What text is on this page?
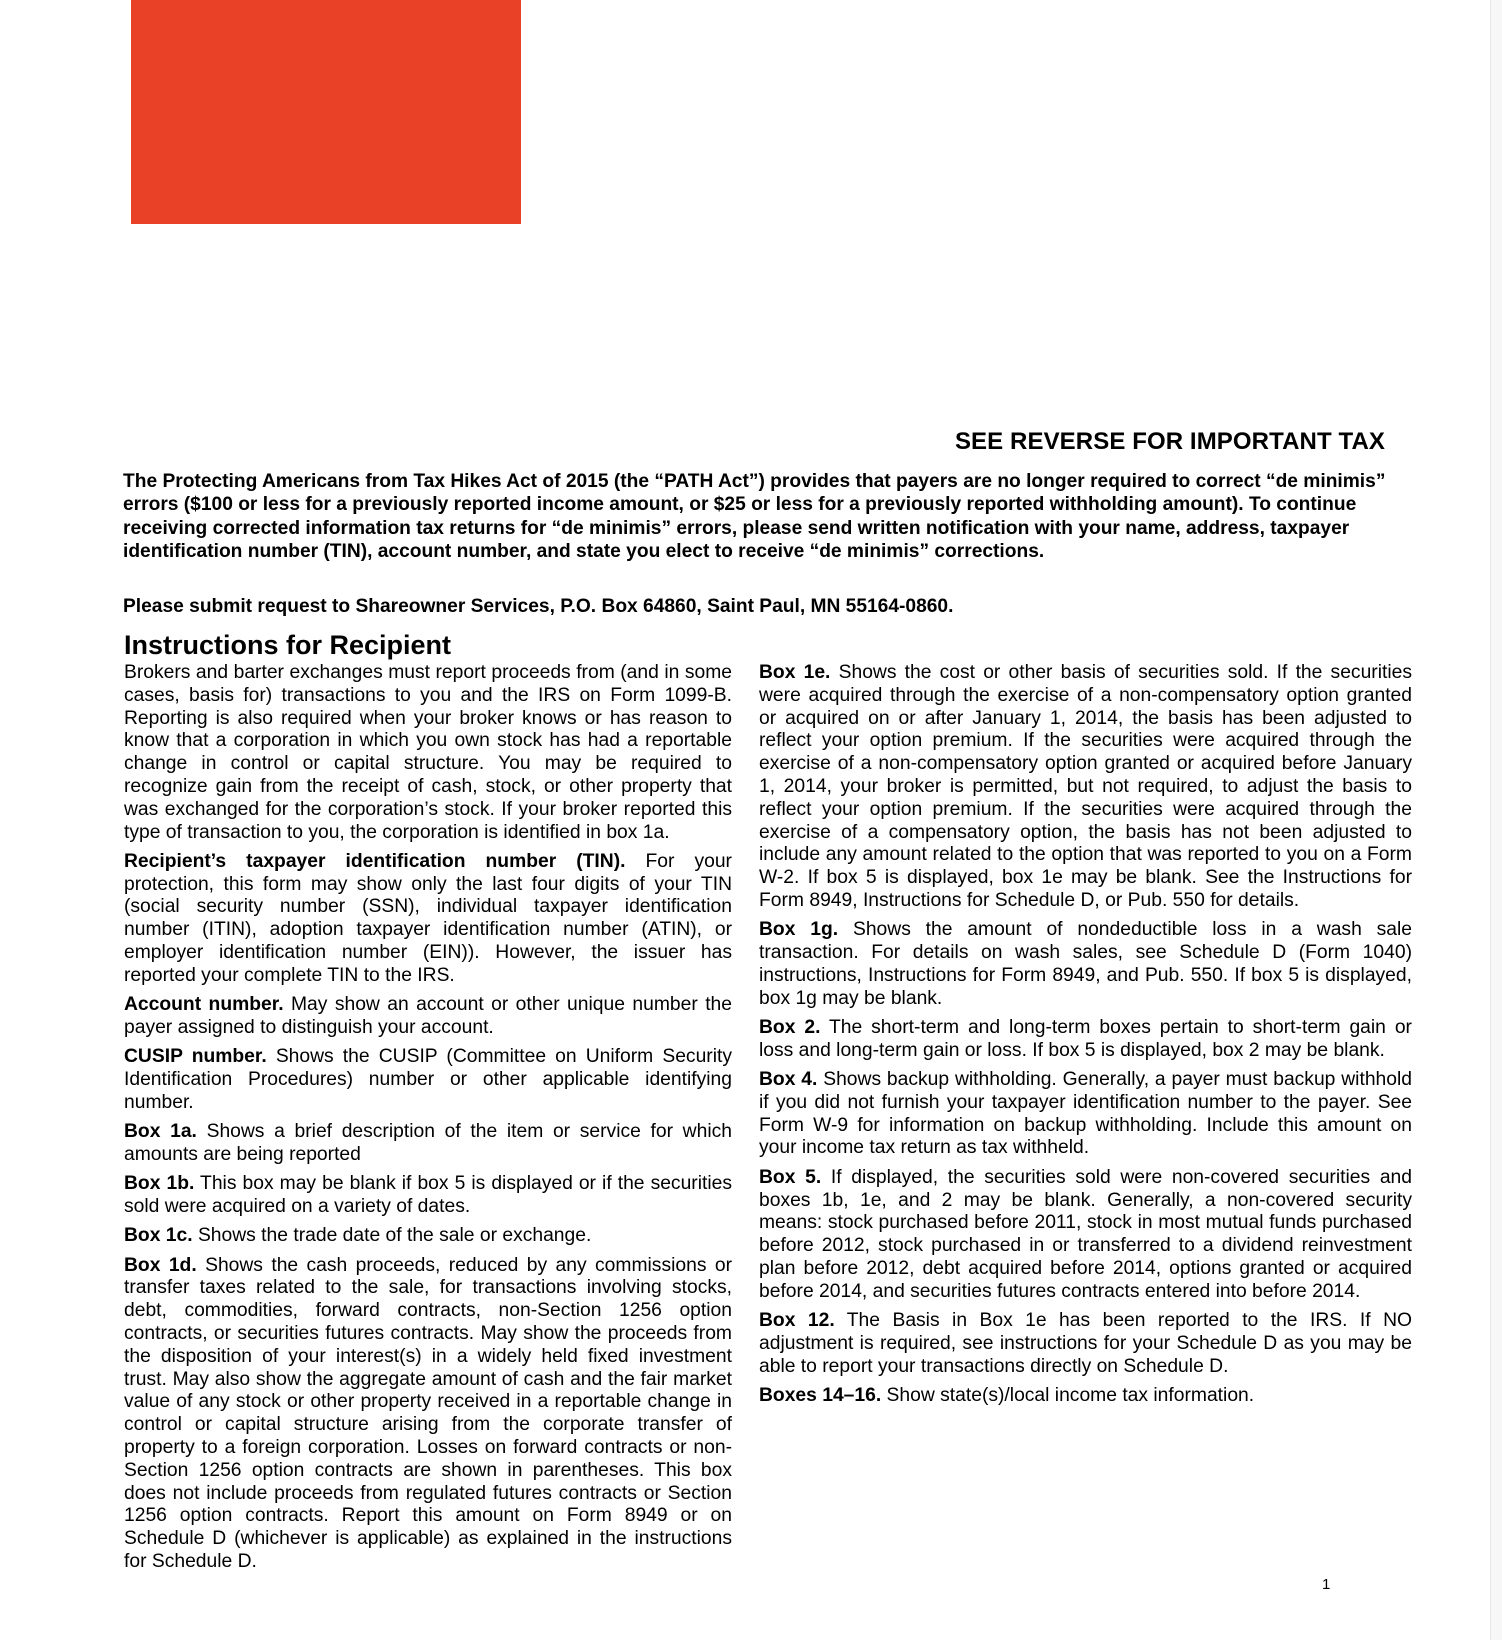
SEE REVERSE FOR IMPORTANT TAX

The Protecting Americans from Tax Hikes Act of 2015 (the “PATH Act”) provides that payers are no longer required to correct “de minimis” errors ($100 or less for a previously reported income amount, or $25 or less for a previously reported withholding amount). To continue receiving corrected information tax returns for “de minimis” errors, please send written notification with your name, address, taxpayer identification number (TIN), account number, and state you elect to receive “de minimis” corrections.

Please submit request to Shareowner Services, P.O. Box 64860, Saint Paul, MN 55164-0860.

Instructions for Recipient

Brokers and barter exchanges must report proceeds from (and in some cases, basis for) transactions to you and the IRS on Form 1099-B. Reporting is also required when your broker knows or has reason to know that a corporation in which you own stock has had a reportable change in control or capital structure. You may be required to recognize gain from the receipt of cash, stock, or other property that was exchanged for the corporation’s stock. If your broker reported this type of transaction to you, the corporation is identified in box 1a.

Recipient’s taxpayer identification number (TIN). For your protection, this form may show only the last four digits of your TIN (social security number (SSN), individual taxpayer identification number (ITIN), adoption taxpayer identification number (ATIN), or employer identification number (EIN)). However, the issuer has reported your complete TIN to the IRS.

Account number. May show an account or other unique number the payer assigned to distinguish your account.

CUSIP number. Shows the CUSIP (Committee on Uniform Security Identification Procedures) number or other applicable identifying number.

Box 1a. Shows a brief description of the item or service for which amounts are being reported

Box 1b. This box may be blank if box 5 is displayed or if the securities sold were acquired on a variety of dates.

Box 1c. Shows the trade date of the sale or exchange.

Box 1d. Shows the cash proceeds, reduced by any commissions or transfer taxes related to the sale, for transactions involving stocks, debt, commodities, forward contracts, non-Section 1256 option contracts, or securities futures contracts. May show the proceeds from the disposition of your interest(s) in a widely held fixed investment trust. May also show the aggregate amount of cash and the fair market value of any stock or other property received in a reportable change in control or capital structure arising from the corporate transfer of property to a foreign corporation. Losses on forward contracts or non-Section 1256 option contracts are shown in parentheses. This box does not include proceeds from regulated futures contracts or Section 1256 option contracts. Report this amount on Form 8949 or on Schedule D (whichever is applicable) as explained in the instructions for Schedule D.

Box 1e. Shows the cost or other basis of securities sold. If the securities were acquired through the exercise of a non-compensatory option granted or acquired on or after January 1, 2014, the basis has been adjusted to reflect your option premium. If the securities were acquired through the exercise of a non-compensatory option granted or acquired before January 1, 2014, your broker is permitted, but not required, to adjust the basis to reflect your option premium. If the securities were acquired through the exercise of a compensatory option, the basis has not been adjusted to include any amount related to the option that was reported to you on a Form W-2. If box 5 is displayed, box 1e may be blank. See the Instructions for Form 8949, Instructions for Schedule D, or Pub. 550 for details.

Box 1g. Shows the amount of nondeductible loss in a wash sale transaction. For details on wash sales, see Schedule D (Form 1040) instructions, Instructions for Form 8949, and Pub. 550. If box 5 is displayed, box 1g may be blank.

Box 2. The short-term and long-term boxes pertain to short-term gain or loss and long-term gain or loss. If box 5 is displayed, box 2 may be blank.

Box 4. Shows backup withholding. Generally, a payer must backup withhold if you did not furnish your taxpayer identification number to the payer. See Form W-9 for information on backup withholding. Include this amount on your income tax return as tax withheld.

Box 5. If displayed, the securities sold were non-covered securities and boxes 1b, 1e, and 2 may be blank. Generally, a non-covered security means: stock purchased before 2011, stock in most mutual funds purchased before 2012, stock purchased in or transferred to a dividend reinvestment plan before 2012, debt acquired before 2014, options granted or acquired before 2014, and securities futures contracts entered into before 2014.

Box 12. The Basis in Box 1e has been reported to the IRS. If NO adjustment is required, see instructions for your Schedule D as you may be able to report your transactions directly on Schedule D.

Boxes 14–16. Show state(s)/local income tax information.

1
